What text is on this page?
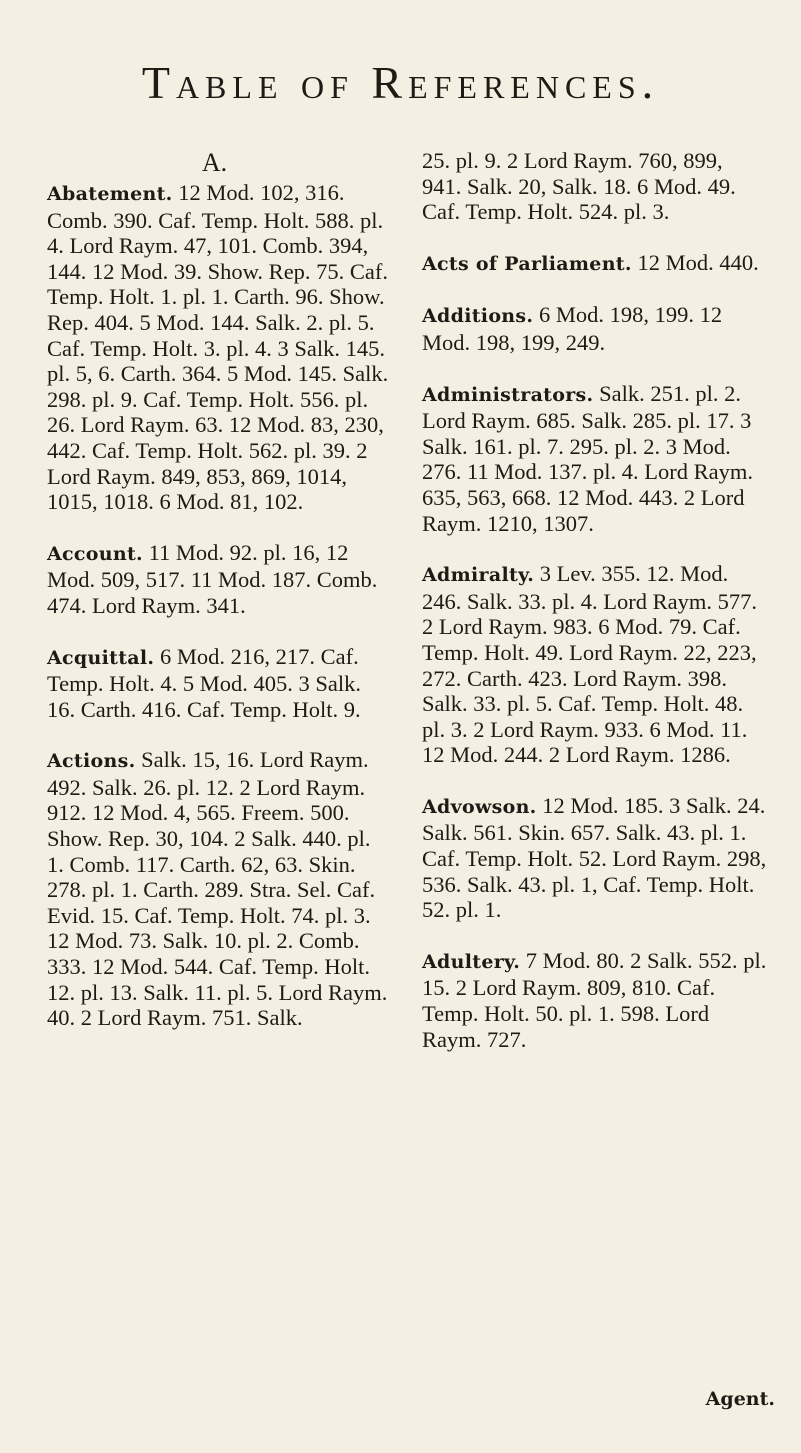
Table of References.
A.

Abatement. 12 Mod. 102, 316. Comb. 390. Caf. Temp. Holt. 588. pl. 4. Lord Raym. 47, 101. Comb. 394, 144. 12 Mod. 39. Show. Rep. 75. Caf. Temp. Holt. 1. pl. 1. Carth. 96. Show. Rep. 404. 5 Mod. 144. Salk. 2. pl. 5. Caf. Temp. Holt. 3. pl. 4. 3 Salk. 145. pl. 5, 6. Carth. 364. 5 Mod. 145. Salk. 298. pl. 9. Caf. Temp. Holt. 556. pl. 26. Lord Raym. 63. 12 Mod. 83, 230, 442. Caf. Temp. Holt. 562. pl. 39. 2 Lord Raym. 849, 853, 869, 1014, 1015, 1018. 6 Mod. 81, 102.

Account. 11 Mod. 92. pl. 16, 12 Mod. 509, 517. 11 Mod. 187. Comb. 474. Lord Raym. 341.

Acquittal. 6 Mod. 216, 217. Caf. Temp. Holt. 4. 5 Mod. 405. 3 Salk. 16. Carth. 416. Caf. Temp. Holt. 9.

Actions. Salk. 15, 16. Lord Raym. 492. Salk. 26. pl. 12. 2 Lord Raym. 912. 12 Mod. 4, 565. Freem. 500. Show. Rep. 30, 104. 2 Salk. 440. pl. 1. Comb. 117. Carth. 62, 63. Skin. 278. pl. 1. Carth. 289. Stra. Sel. Caf. Evid. 15. Caf. Temp. Holt. 74. pl. 3. 12 Mod. 73. Salk. 10. pl. 2. Comb. 333. 12 Mod. 544. Caf. Temp. Holt. 12. pl. 13. Salk. 11. pl. 5. Lord Raym. 40. 2 Lord Raym. 751. Salk.

25. pl. 9. 2 Lord Raym. 760, 899, 941. Salk. 20, Salk. 18. 6 Mod. 49. Caf. Temp. Holt. 524. pl. 3.

Acts of Parliament. 12 Mod. 440.

Additions. 6 Mod. 198, 199. 12 Mod. 198, 199, 249.

Administrators. Salk. 251. pl. 2. Lord Raym. 685. Salk. 285. pl. 17. 3 Salk. 161. pl. 7. 295. pl. 2. 3 Mod. 276. 11 Mod. 137. pl. 4. Lord Raym. 635, 563, 668. 12 Mod. 443. 2 Lord Raym. 1210, 1307.

Admiralty. 3 Lev. 355. 12. Mod. 246. Salk. 33. pl. 4. Lord Raym. 577. 2 Lord Raym. 983. 6 Mod. 79. Caf. Temp. Holt. 49. Lord Raym. 22, 223, 272. Carth. 423. Lord Raym. 398. Salk. 33. pl. 5. Caf. Temp. Holt. 48. pl. 3. 2 Lord Raym. 933. 6 Mod. 11. 12 Mod. 244. 2 Lord Raym. 1286.

Advowson. 12 Mod. 185. 3 Salk. 24. Salk. 561. Skin. 657. Salk. 43. pl. 1. Caf. Temp. Holt. 52. Lord Raym. 298, 536. Salk. 43. pl. 1, Caf. Temp. Holt. 52. pl. 1.

Adultery. 7 Mod. 80. 2 Salk. 552. pl. 15. 2 Lord Raym. 809, 810. Caf. Temp. Holt. 50. pl. 1. 598. Lord Raym. 727.

Agent.
